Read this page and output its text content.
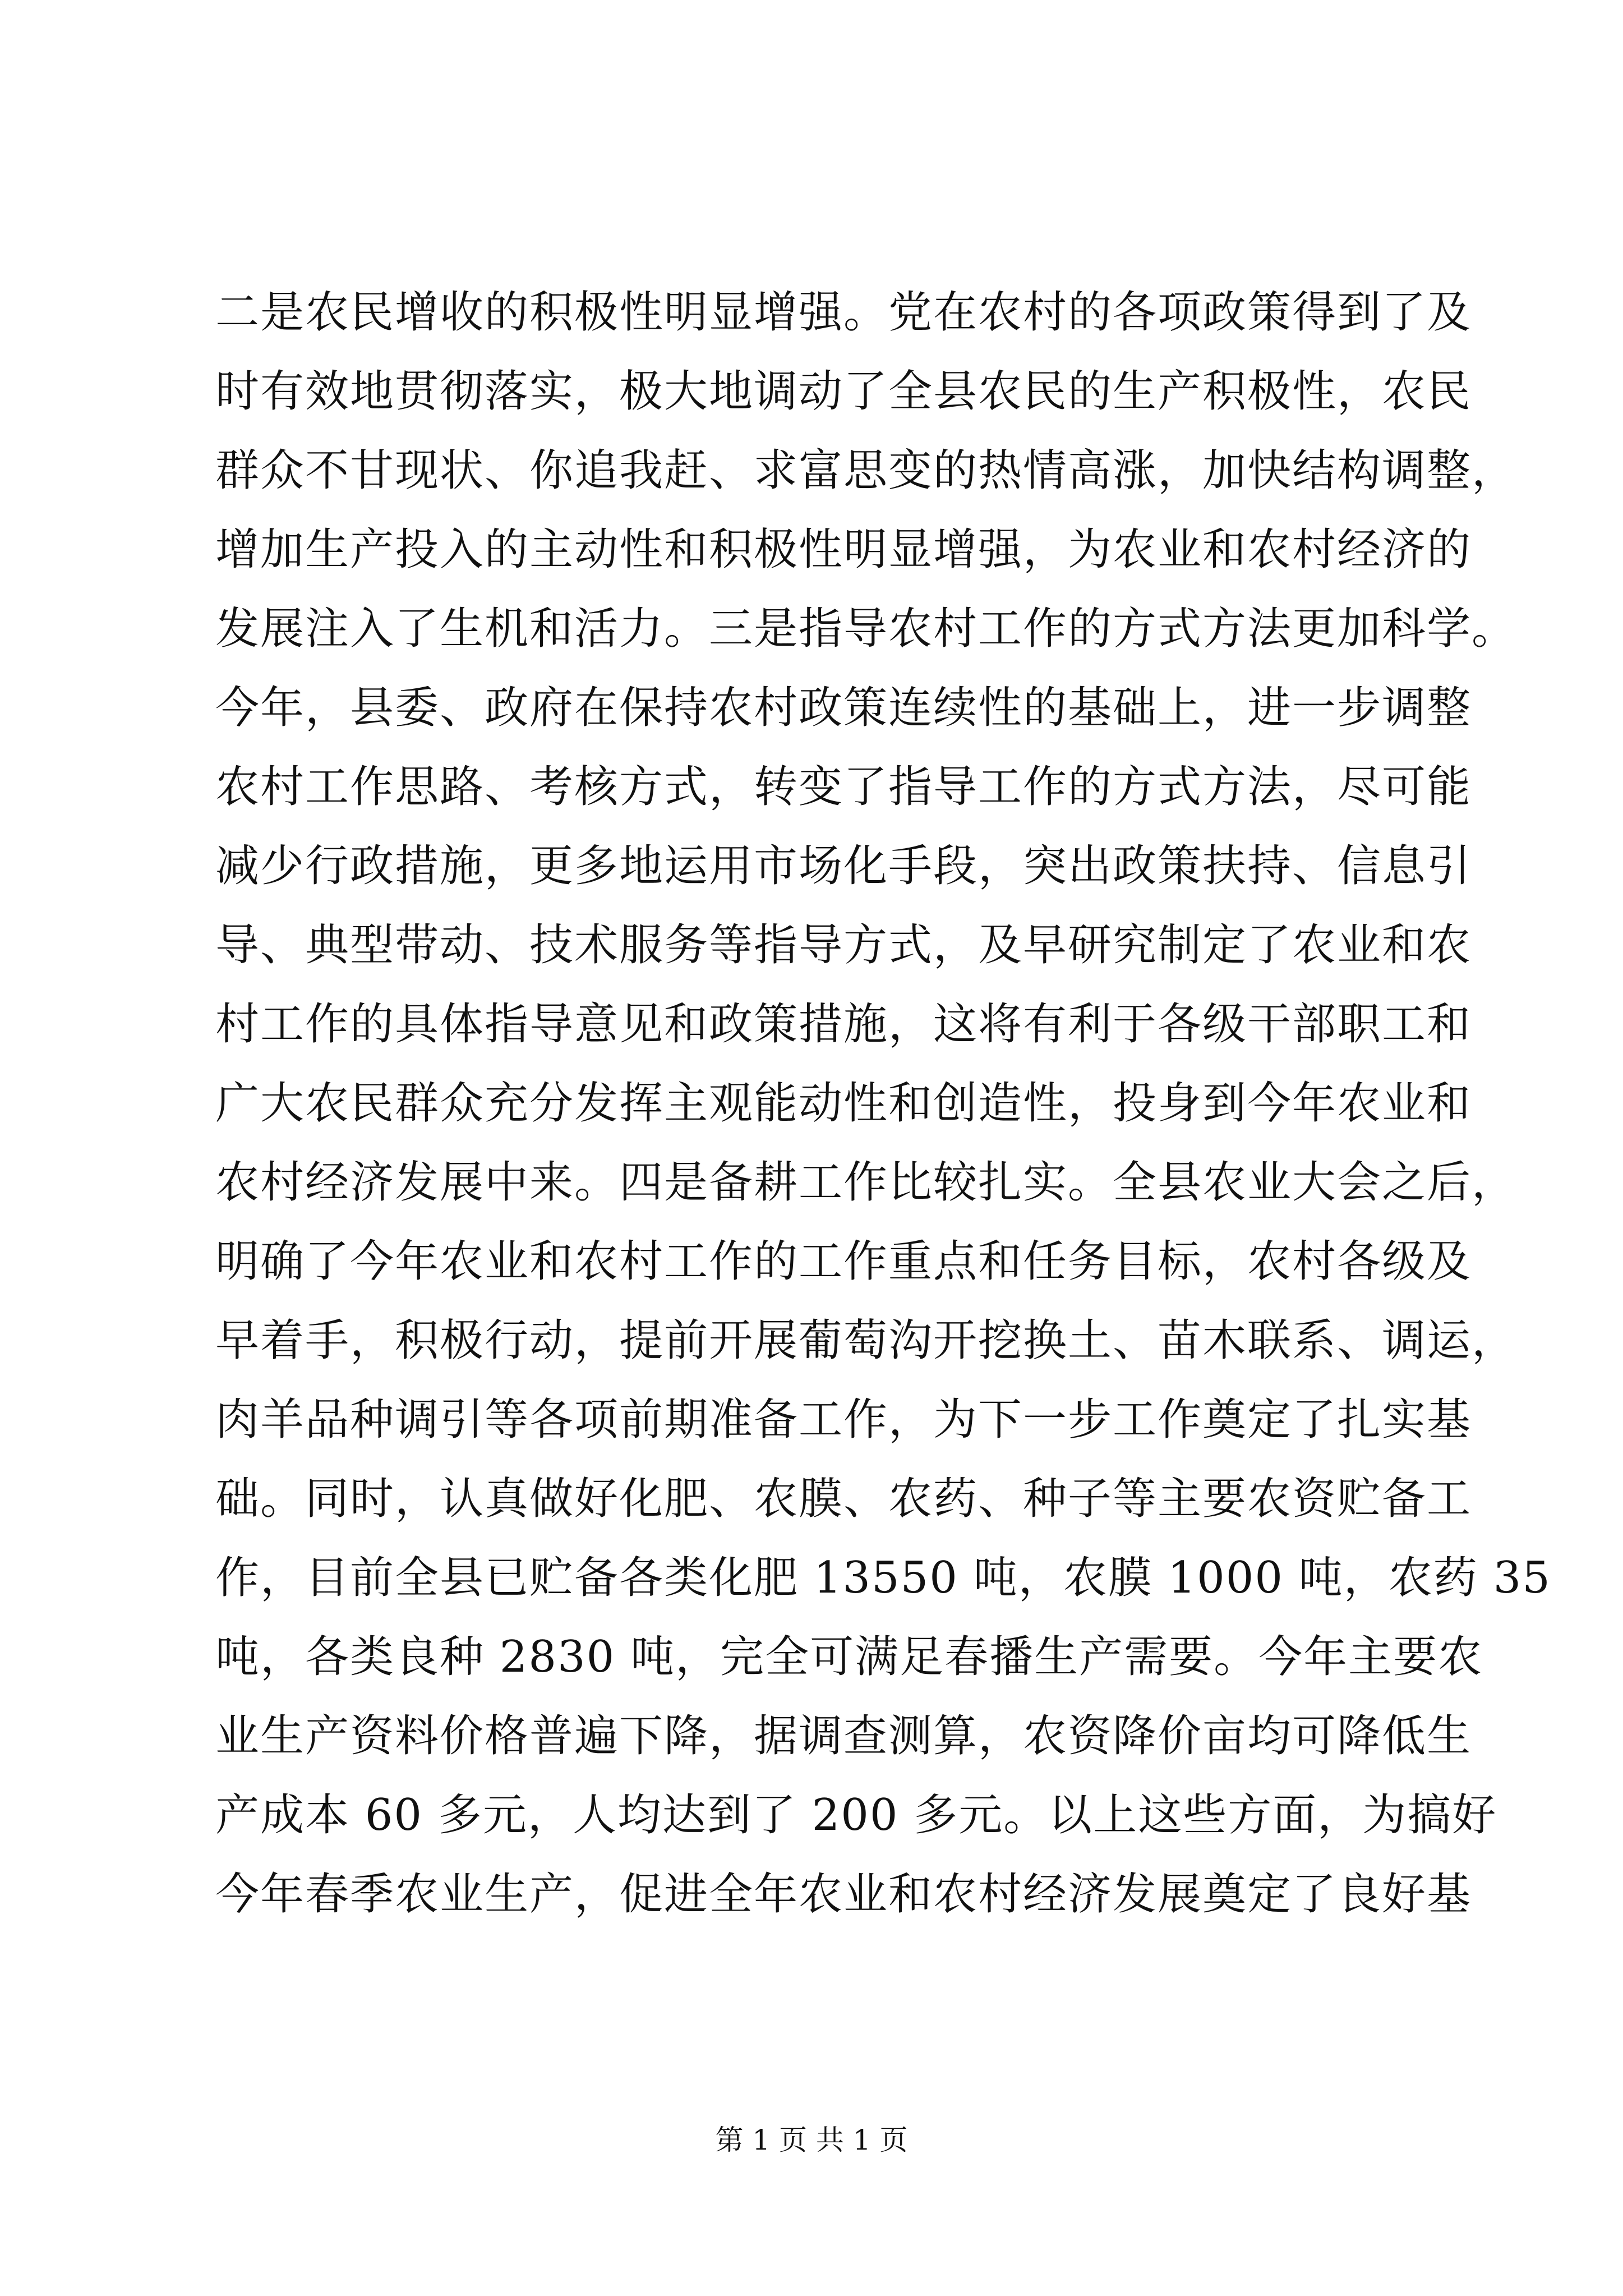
二是农民增收的积极性明显增强。党在农村的各项政策得到了及
时有效地贯彻落实，极大地调动了全县农民的生产积极性，农民
群众不甘现状、你追我赶、求富思变的热情高涨，加快结构调整，
增加生产投入的主动性和积极性明显增强，为农业和农村经济的
发展注入了生机和活力。三是指导农村工作的方式方法更加科学。
今年，县委、政府在保持农村政策连续性的基础上，进一步调整
农村工作思路、考核方式，转变了指导工作的方式方法，尽可能
减少行政措施，更多地运用市场化手段，突出政策扶持、信息引
导、典型带动、技术服务等指导方式，及早研究制定了农业和农
村工作的具体指导意见和政策措施，这将有利于各级干部职工和
广大农民群众充分发挥主观能动性和创造性，投身到今年农业和
农村经济发展中来。四是备耕工作比较扎实。全县农业大会之后，
明确了今年农业和农村工作的工作重点和任务目标，农村各级及
早着手，积极行动，提前开展葡萄沟开挖换土、苗木联系、调运，
肉羊品种调引等各项前期准备工作，为下一步工作奠定了扎实基
础。同时，认真做好化肥、农膜、农药、种子等主要农资贮备工
作，目前全县已贮备各类化肥 13550 吨，农膜 1000 吨，农药 35
吨，各类良种 2830 吨，完全可满足春播生产需要。今年主要农
业生产资料价格普遍下降，据调查测算，农资降价亩均可降低生
产成本 60 多元，人均达到了 200 多元。以上这些方面，为搞好
今年春季农业生产，促进全年农业和农村经济发展奠定了良好基
第 1 页 共 1 页
